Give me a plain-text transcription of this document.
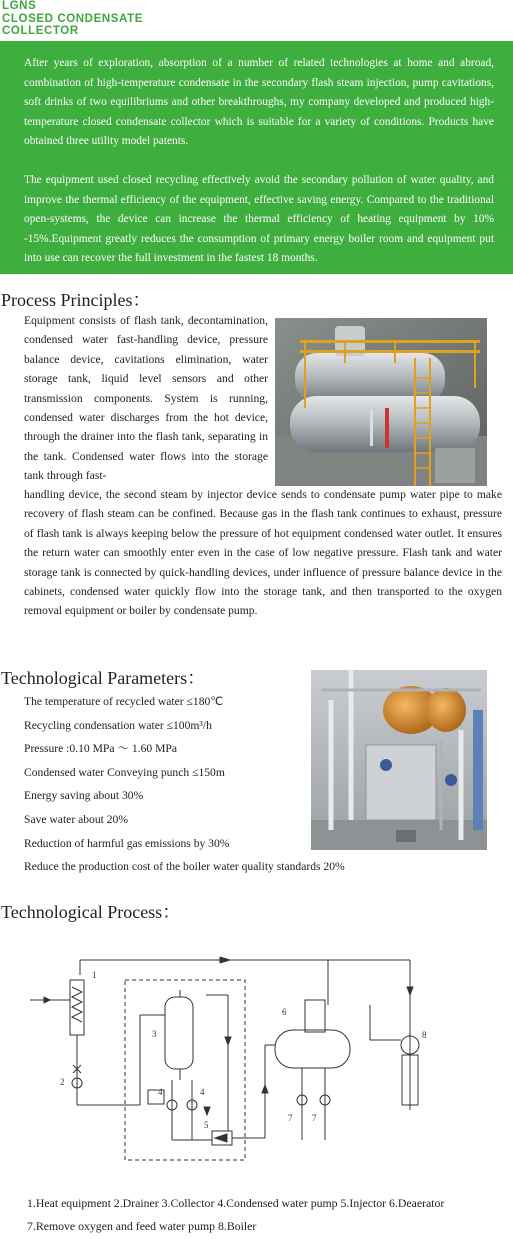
LGNS
CLOSED CONDENSATE
COLLECTOR

After years of exploration, absorption of a number of related technologies at home and abroad, combination of high-temperature condensate in the secondary flash steam injection, pump cavitations, soft drinks of two equilibriums and other breakthroughs, my company developed and produced high-temperature closed condensate collector which is suitable for a variety of conditions. Products have obtained three utility model patents.

The equipment used closed recycling effectively avoid the secondary pollution of water quality, and improve the thermal efficiency of the equipment, effective saving energy. Compared to the traditional open-systems, the device can increase the thermal efficiency of heating equipment by 10% -15%.Equipment greatly reduces the consumption of primary energy boiler room and equipment put into use can recover the full investment in the fastest 18 months.

Process Principles：

Equipment consists of flash tank, decontamination, condensed water fast-handling device, pressure balance device, cavitations elimination, water storage tank, liquid level sensors and other transmission components. System is running, condensed water discharges from the hot device, through the drainer into the flash tank, separating in the tank. Condensed water flows into the storage tank through fast-

handling device, the second steam by injector device sends to condensate pump water pipe to make recovery of flash steam can be confined. Because gas in the flash tank continues to exhaust, pressure of flash tank is always keeping below the pressure of hot equipment condensed water outlet. It ensures the return water can smoothly enter even in the case of low negative pressure. Flash tank and water storage tank is connected by quick-handling devices, under influence of pressure balance device in the cabinets, condensed water quickly flow into the storage tank, and then transported to the oxygen removal equipment or boiler by condensate pump.

Technological Parameters：
The temperature of recycled water ≤180℃
Recycling condensation water ≤100m³/h
Pressure :0.10 MPa ～ 1.60 MPa
Condensed water Conveying punch ≤150m
Energy saving about 30%
Save water about 20%
Reduction of harmful gas emissions by 30%
Reduce the production cost of the boiler water quality standards 20%
Technological Process：
1
2
3
4	4
5
6
7 7
8
1.Heat equipment 2.Drainer 3.Collector 4.Condensed water pump 5.Injector 6.Deaerator
7.Remove oxygen and feed water pump 8.Boiler
